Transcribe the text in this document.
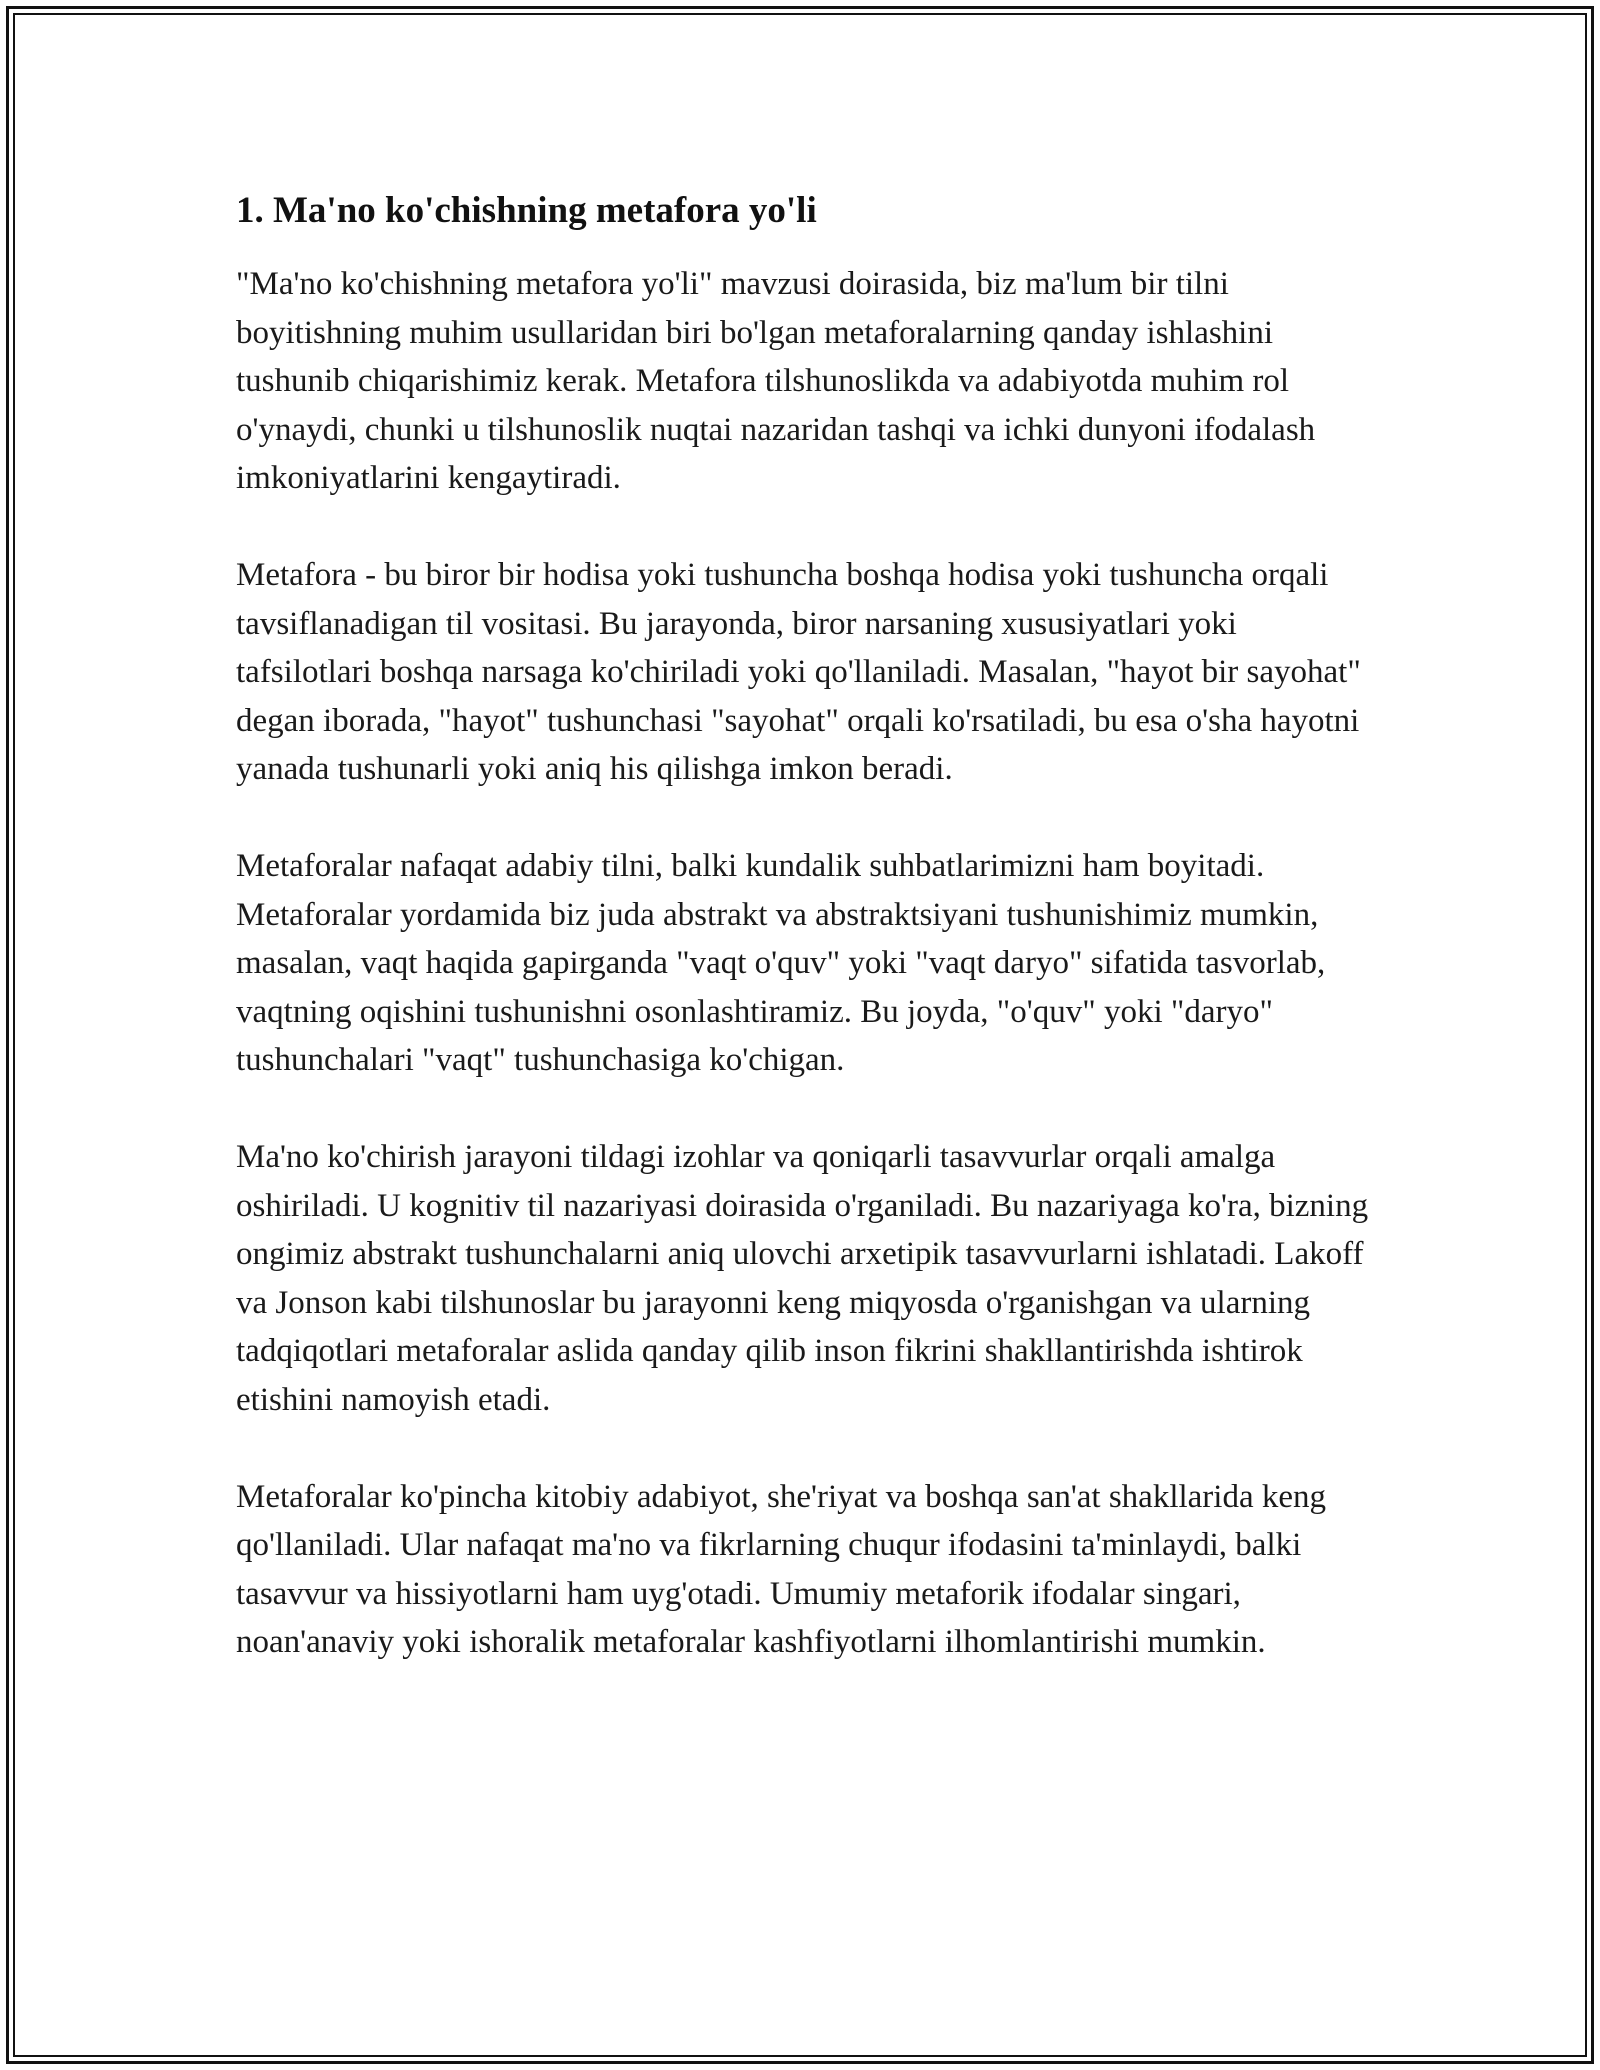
1. Ma'no ko'chishning metafora yo'li

"Ma'no ko'chishning metafora yo'li" mavzusi doirasida, biz ma'lum bir tilni boyitishning muhim usullaridan biri bo'lgan metaforalarning qanday ishlashini tushunib chiqarishimiz kerak. Metafora tilshunoslikda va adabiyotda muhim rol o'ynaydi, chunki u tilshunoslik nuqtai nazaridan tashqi va ichki dunyoni ifodalash imkoniyatlarini kengaytiradi.

Metafora - bu biror bir hodisa yoki tushuncha boshqa hodisa yoki tushuncha orqali tavsiflanadigan til vositasi. Bu jarayonda, biror narsaning xususiyatlari yoki tafsilotlari boshqa narsaga ko'chiriladi yoki qo'llaniladi. Masalan, "hayot bir sayohat" degan iborada, "hayot" tushunchasi "sayohat" orqali ko'rsatiladi, bu esa o'sha hayotni yanada tushunarli yoki aniq his qilishga imkon beradi.

Metaforalar nafaqat adabiy tilni, balki kundalik suhbatlarimizni ham boyitadi. Metaforalar yordamida biz juda abstrakt va abstraktsiyani tushunishimiz mumkin, masalan, vaqt haqida gapirganda "vaqt o'quv" yoki "vaqt daryo" sifatida tasvorlab, vaqtning oqishini tushunishni osonlashtiramiz. Bu joyda, "o'quv" yoki "daryo" tushunchalari "vaqt" tushunchasiga ko'chigan.

Ma'no ko'chirish jarayoni tildagi izohlar va qoniqarli tasavvurlar orqali amalga oshiriladi. U kognitiv til nazariyasi doirasida o'rganiladi. Bu nazariyaga ko'ra, bizning ongimiz abstrakt tushunchalarni aniq ulovchi arxetipik tasavvurlarni ishlatadi. Lakoff va Jonson kabi tilshunoslar bu jarayonni keng miqyosda o'rganishgan va ularning tadqiqotlari metaforalar aslida qanday qilib inson fikrini shakllantirishda ishtirok etishini namoyish etadi.

Metaforalar ko'pincha kitobiy adabiyot, she'riyat va boshqa san'at shakllarida keng qo'llaniladi. Ular nafaqat ma'no va fikrlarning chuqur ifodasini ta'minlaydi, balki tasavvur va hissiyotlarni ham uyg'otadi. Umumiy metaforik ifodalar singari, noan'anaviy yoki ishoralik metaforalar kashfiyotlarni ilhomlantirishi mumkin.
